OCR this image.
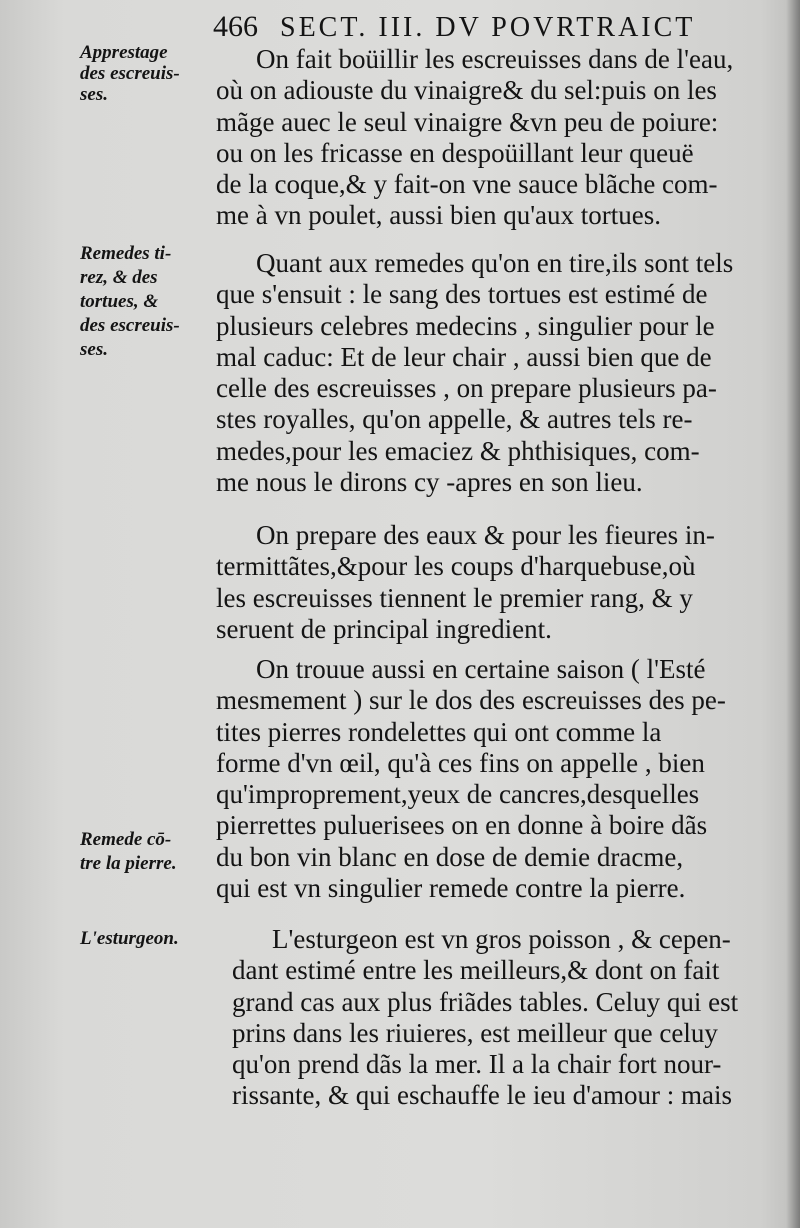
466 SECT. III. DV POVRTRAICT
Apprestage
des escreuis-
ses.
Remedes ti-
rez, & des
tortues, &
des escreuis-
ses.
Remede cō-
tre la pierre.
L'esturgeon.
On fait boüillir les escreuisses dans de l'eau,
où on adiouste du vinaigre& du sel:puis on les
mãge auec le seul vinaigre &vn peu de poiure:
ou on les fricasse en despoüillant leur queuë
de la coque,& y fait-on vne sauce blãche com-
me à vn poulet, aussi bien qu'aux tortues.
Quant aux remedes qu'on en tire,ils sont tels
que s'ensuit : le sang des tortues est estimé de
plusieurs celebres medecins , singulier pour le
mal caduc: Et de leur chair , aussi bien que de
celle des escreuisses , on prepare plusieurs pa-
stes royalles, qu'on appelle, & autres tels re-
medes,pour les emaciez & phthisiques, com-
me nous le dirons cy -apres en son lieu.
On prepare des eaux & pour les fieures in-
termittãtes,&pour les coups d'harquebuse,où
les escreuisses tiennent le premier rang, & y
seruent de principal ingredient.
On trouue aussi en certaine saison ( l'Esté
mesmement ) sur le dos des escreuisses des pe-
tites pierres rondelettes qui ont comme la
forme d'vn œil, qu'à ces fins on appelle , bien
qu'improprement,yeux de cancres,desquelles
pierrettes puluerisees on en donne à boire dãs
du bon vin blanc en dose de demie dracme,
qui est vn singulier remede contre la pierre.
L'esturgeon est vn gros poisson , & cepen-
dant estimé entre les meilleurs,& dont on fait
grand cas aux plus friãdes tables. Celuy qui est
prins dans les riuieres, est meilleur que celuy
qu'on prend dãs la mer. Il a la chair fort nour-
rissante, & qui eschauffe le ieu d'amour : mais
